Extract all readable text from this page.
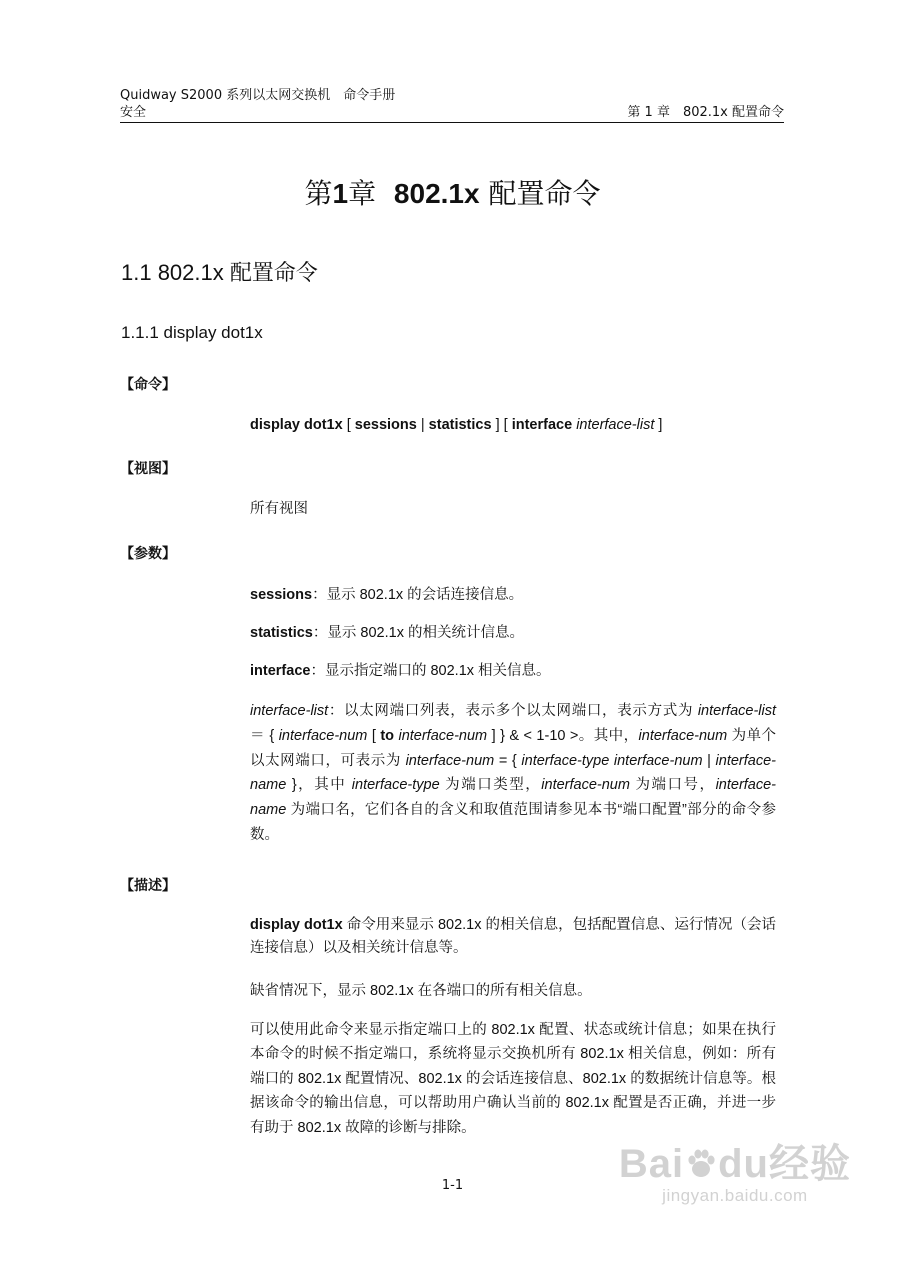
Quidway S2000 系列以太网交换机　命令手册
安全	第 1 章　802.1x 配置命令
第1章  802.1x 配置命令
1.1 802.1x 配置命令
1.1.1 display dot1x
【命令】
display dot1x [ sessions | statistics ] [ interface interface-list ]
【视图】
所有视图
【参数】
sessions：显示 802.1x 的会话连接信息。
statistics：显示 802.1x 的相关统计信息。
interface：显示指定端口的 802.1x 相关信息。
interface-list：以太网端口列表，表示多个以太网端口，表示方式为 interface-list ＝ { interface-num [ to interface-num ] } & < 1-10 >。其中，interface-num 为单个以太网端口，可表示为 interface-num = { interface-type interface-num | interface-name }，其中 interface-type 为端口类型，interface-num 为端口号，interface-name 为端口名，它们各自的含义和取值范围请参见本书“端口配置”部分的命令参数。
【描述】
display dot1x 命令用来显示 802.1x 的相关信息，包括配置信息、运行情况（会话连接信息）以及相关统计信息等。
缺省情况下，显示 802.1x 在各端口的所有相关信息。
可以使用此命令来显示指定端口上的 802.1x 配置、状态或统计信息；如果在执行本命令的时候不指定端口，系统将显示交换机所有 802.1x 相关信息，例如：所有端口的 802.1x 配置情况、802.1x 的会话连接信息、802.1x 的数据统计信息等。根据该命令的输出信息，可以帮助用户确认当前的 802.1x 配置是否正确，并进一步有助于 802.1x 故障的诊断与排除。
1-1	Bai du经验
jingyan.baidu.com
